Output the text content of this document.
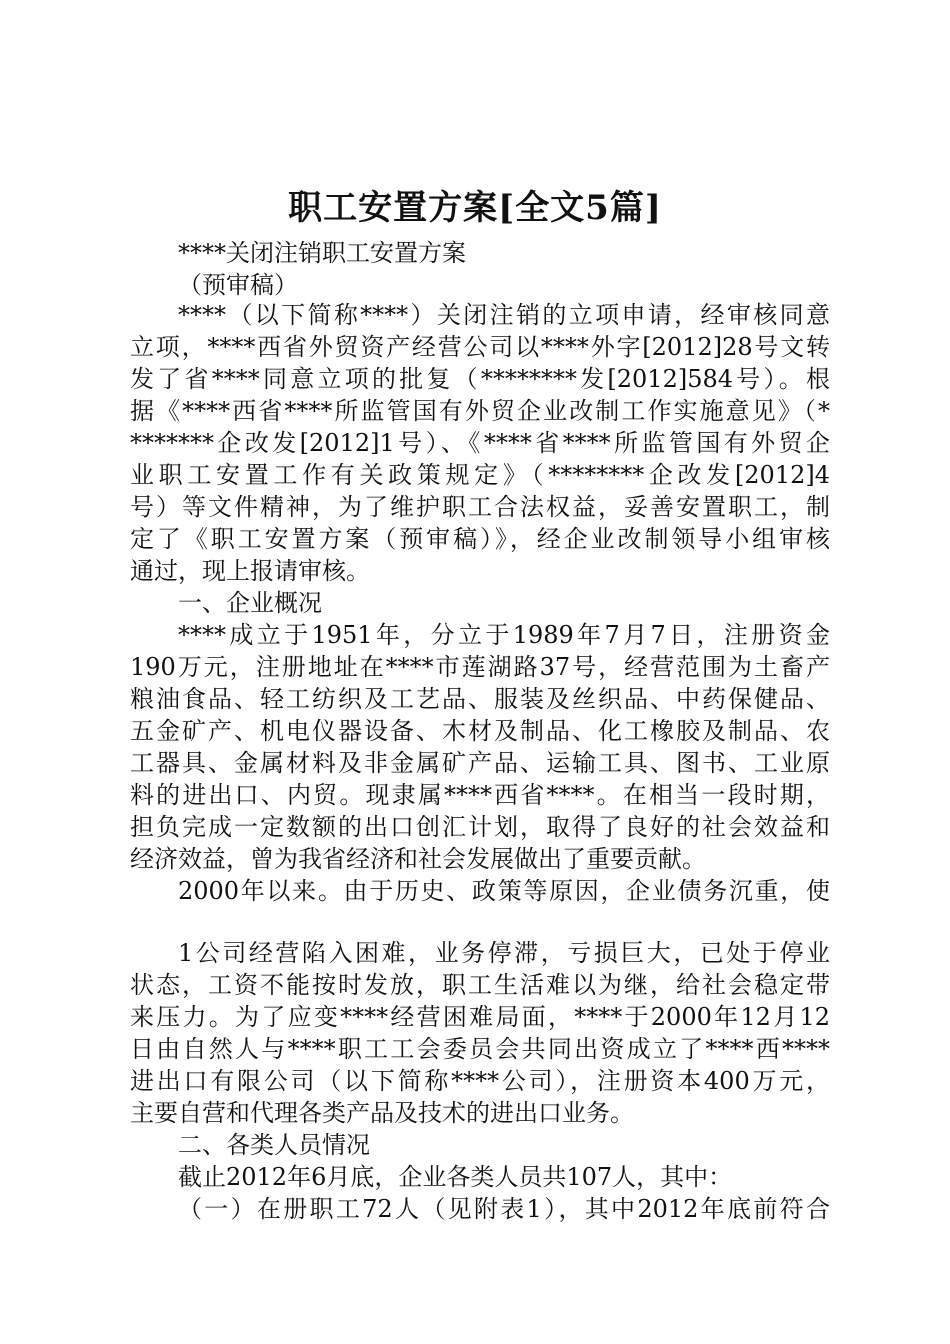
职工安置方案[全文5篇]

****关闭注销职工安置方案

（预审稿）

****（以下简称****）关闭注销的立项申请，经审核同意

立项，****西省外贸资产经营公司以****外字[2012]28号文转

发了省****同意立项的批复（********发[2012]584号）。根

据《****西省****所监管国有外贸企业改制工作实施意见》（*

*******企改发[2012]1号）、《****省****所监管国有外贸企

业职工安置工作有关政策规定》（********企改发[2012]4

号）等文件精神，为了维护职工合法权益，妥善安置职工，制

定了《职工安置方案（预审稿）》，经企业改制领导小组审核

通过，现上报请审核。

一、企业概况

****成立于1951年，分立于1989年7月7日，注册资金

190万元，注册地址在****市莲湖路37号，经营范围为土畜产

粮油食品、轻工纺织及工艺品、服装及丝织品、中药保健品、

五金矿产、机电仪器设备、木材及制品、化工橡胶及制品、农

工器具、金属材料及非金属矿产品、运输工具、图书、工业原

料的进出口、内贸。现隶属****西省****。在相当一段时期，

担负完成一定数额的出口创汇计划，取得了良好的社会效益和

经济效益，曾为我省经济和社会发展做出了重要贡献。

2000年以来。由于历史、政策等原因，企业债务沉重，使

1公司经营陷入困难，业务停滞，亏损巨大，已处于停业

状态，工资不能按时发放，职工生活难以为继，给社会稳定带

来压力。为了应变****经营困难局面，****于2000年12月12

日由自然人与****职工工会委员会共同出资成立了****西****

进出口有限公司（以下简称****公司），注册资本400万元，

主要自营和代理各类产品及技术的进出口业务。

二、各类人员情况

截止2012年6月底，企业各类人员共107人，其中：

（一）在册职工72人（见附表1），其中2012年底前符合
